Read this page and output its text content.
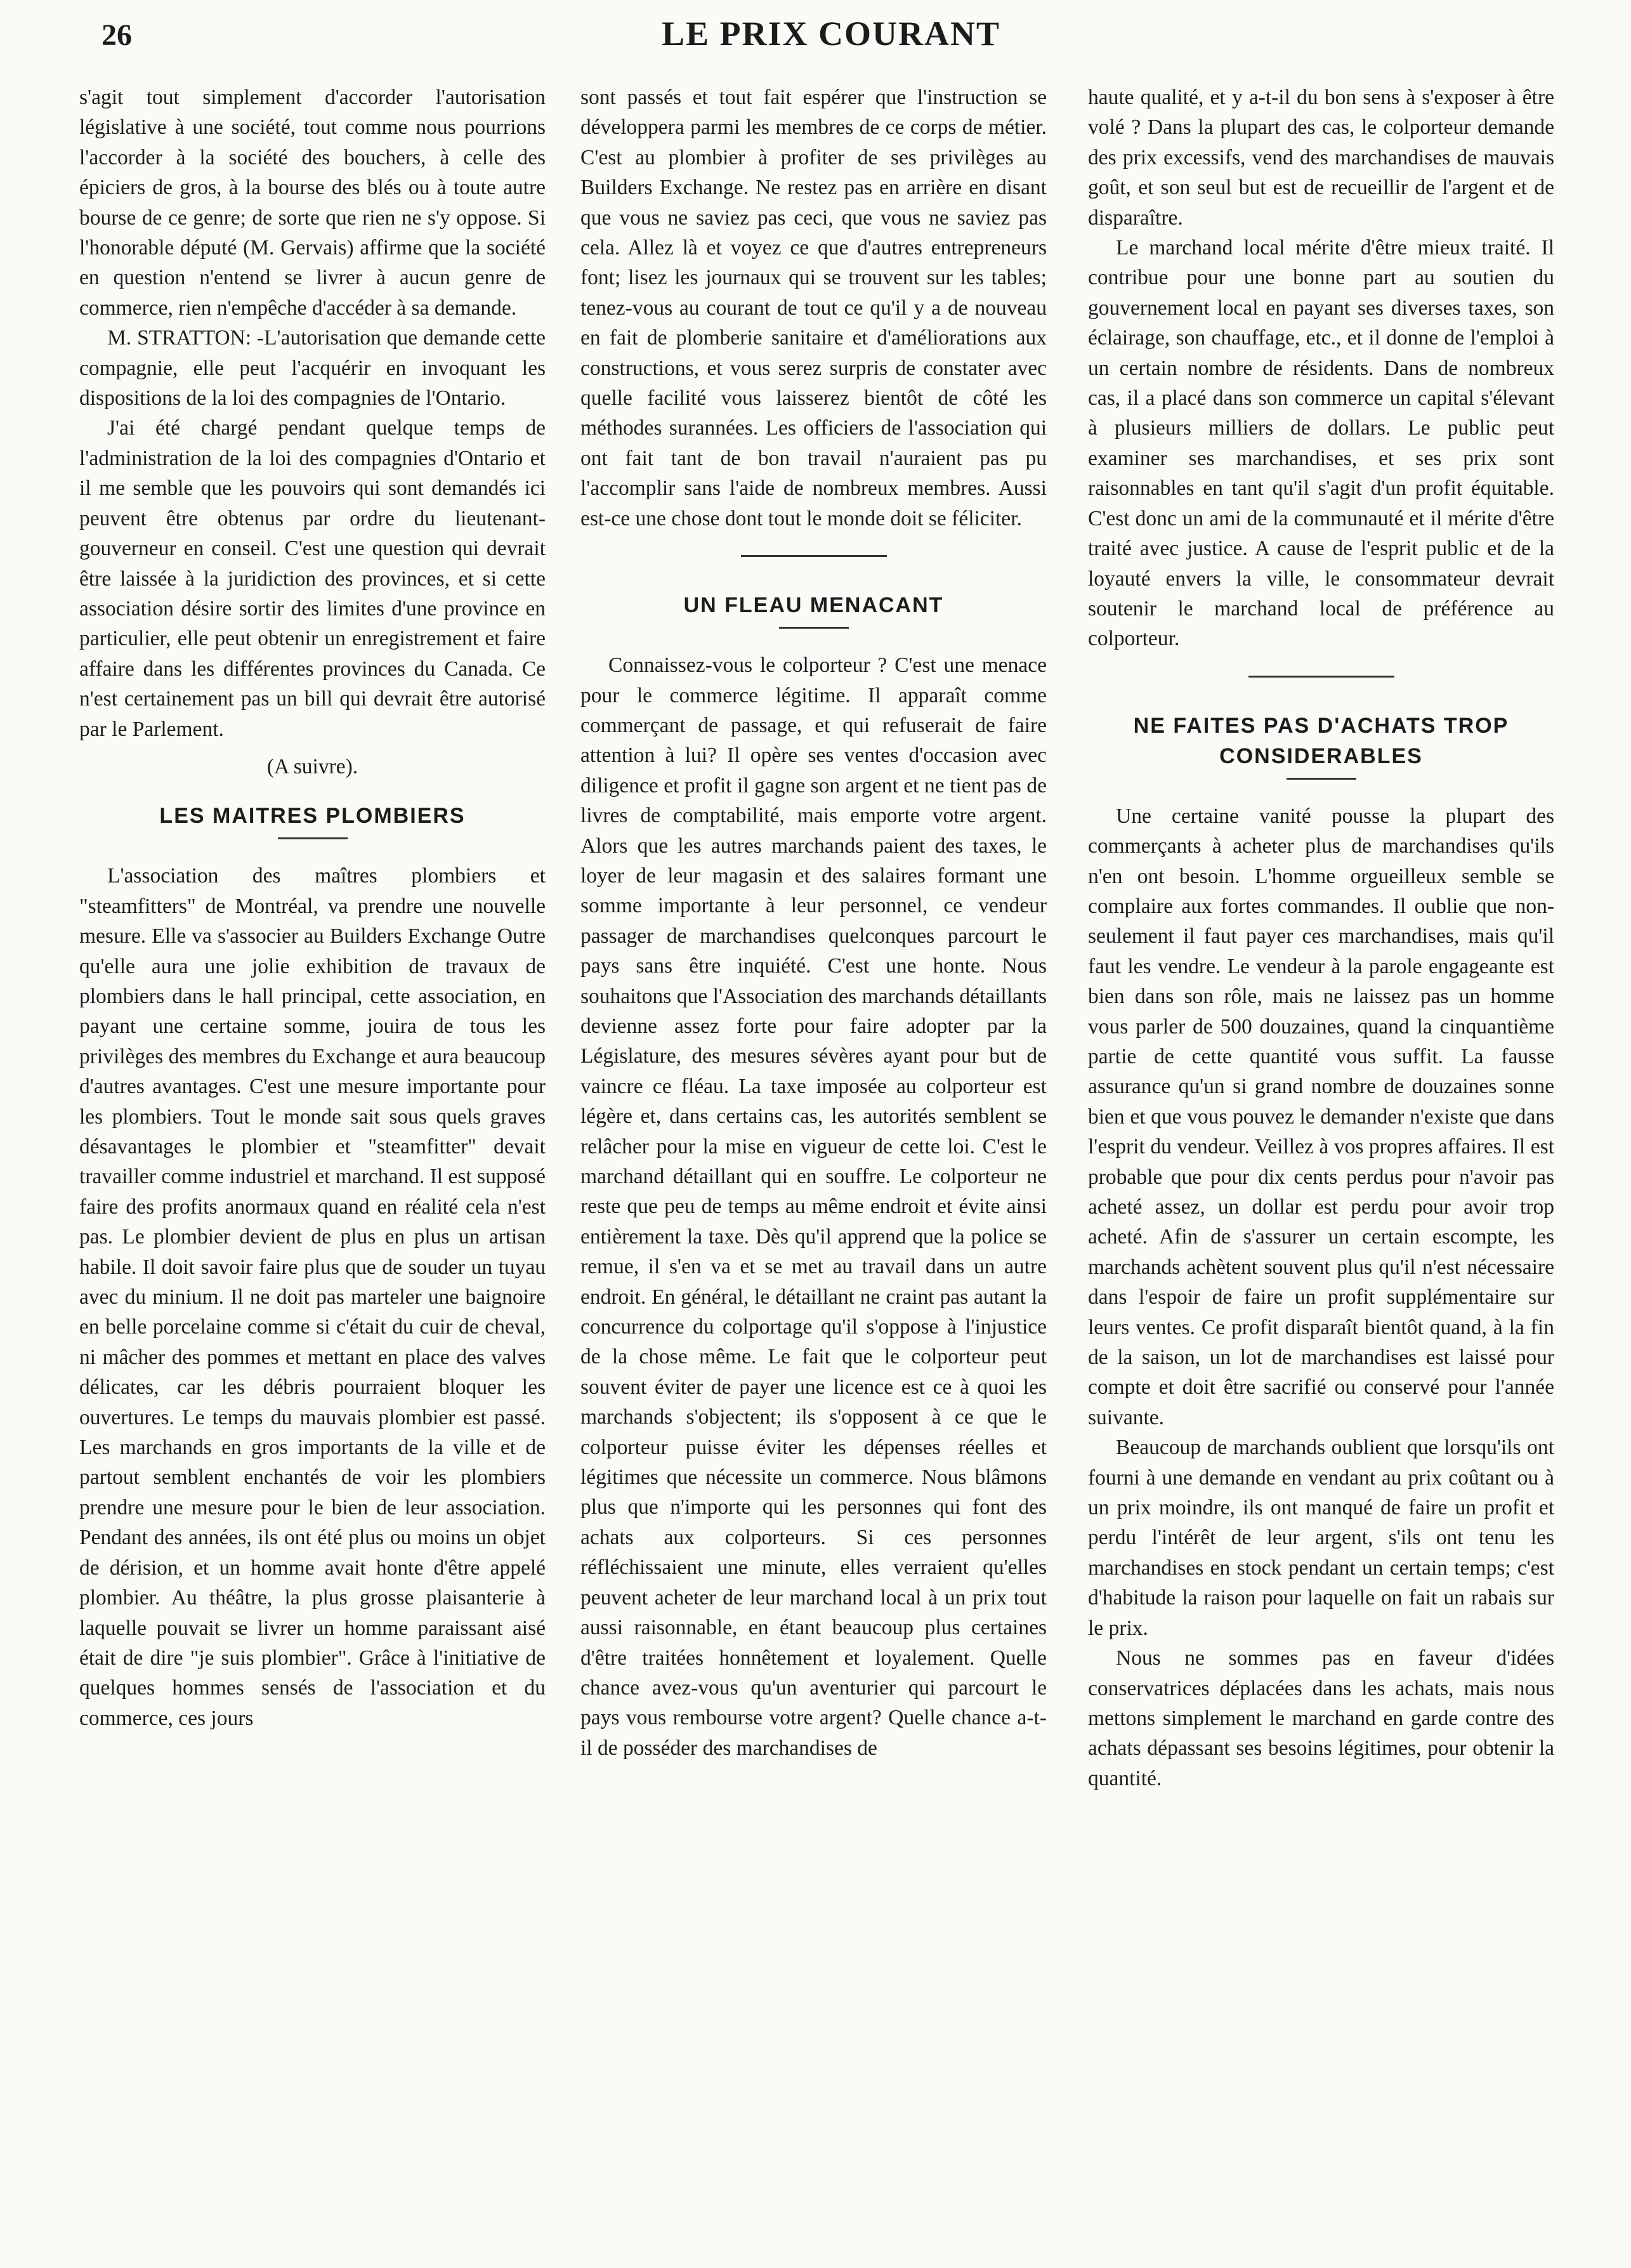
26	LE PRIX COURANT

s'agit tout simplement d'accorder l'autorisation législative à une société, tout comme nous pourrions l'accorder à la société des bouchers, à celle des épiciers de gros, à la bourse des blés ou à toute autre bourse de ce genre; de sorte que rien ne s'y oppose. Si l'honorable député (M. Gervais) affirme que la société en question n'entend se livrer à aucun genre de commerce, rien n'empêche d'accéder à sa demande.

M. STRATTON: -L'autorisation que demande cette compagnie, elle peut l'acquérir en invoquant les dispositions de la loi des compagnies de l'Ontario.

J'ai été chargé pendant quelque temps de l'administration de la loi des compagnies d'Ontario et il me semble que les pouvoirs qui sont demandés ici peuvent être obtenus par ordre du lieutenant-gouverneur en conseil. C'est une question qui devrait être laissée à la juridiction des provinces, et si cette association désire sortir des limites d'une province en particulier, elle peut obtenir un enregistrement et faire affaire dans les différentes provinces du Canada. Ce n'est certainement pas un bill qui devrait être autorisé par le Parlement.

(A suivre).

LES MAITRES PLOMBIERS

L'association des maîtres plombiers et "steamfitters" de Montréal, va prendre une nouvelle mesure. Elle va s'associer au Builders Exchange Outre qu'elle aura une jolie exhibition de travaux de plombiers dans le hall principal, cette association, en payant une certaine somme, jouira de tous les privilèges des membres du Exchange et aura beaucoup d'autres avantages. C'est une mesure importante pour les plombiers. Tout le monde sait sous quels graves désavantages le plombier et "steamfitter" devait travailler comme industriel et marchand. Il est supposé faire des profits anormaux quand en réalité cela n'est pas. Le plombier devient de plus en plus un artisan habile. Il doit savoir faire plus que de souder un tuyau avec du minium. Il ne doit pas marteler une baignoire en belle porcelaine comme si c'était du cuir de cheval, ni mâcher des pommes et mettant en place des valves délicates, car les débris pourraient bloquer les ouvertures. Le temps du mauvais plombier est passé. Les marchands en gros importants de la ville et de partout semblent enchantés de voir les plombiers prendre une mesure pour le bien de leur association. Pendant des années, ils ont été plus ou moins un objet de dérision, et un homme avait honte d'être appelé plombier. Au théâtre, la plus grosse plaisanterie à laquelle pouvait se livrer un homme paraissant aisé était de dire "je suis plombier". Grâce à l'initiative de quelques hommes sensés de l'association et du commerce, ces jours

sont passés et tout fait espérer que l'instruction se développera parmi les membres de ce corps de métier. C'est au plombier à profiter de ses privilèges au Builders Exchange. Ne restez pas en arrière en disant que vous ne saviez pas ceci, que vous ne saviez pas cela. Allez là et voyez ce que d'autres entrepreneurs font; lisez les journaux qui se trouvent sur les tables; tenez-vous au courant de tout ce qu'il y a de nouveau en fait de plomberie sanitaire et d'améliorations aux constructions, et vous serez surpris de constater avec quelle facilité vous laisserez bientôt de côté les méthodes surannées. Les officiers de l'association qui ont fait tant de bon travail n'auraient pas pu l'accomplir sans l'aide de nombreux membres. Aussi est-ce une chose dont tout le monde doit se féliciter.

UN FLEAU MENACANT

Connaissez-vous le colporteur ? C'est une menace pour le commerce légitime. Il apparaît comme commerçant de passage, et qui refuserait de faire attention à lui? Il opère ses ventes d'occasion avec diligence et profit il gagne son argent et ne tient pas de livres de comptabilité, mais emporte votre argent. Alors que les autres marchands paient des taxes, le loyer de leur magasin et des salaires formant une somme importante à leur personnel, ce vendeur passager de marchandises quelconques parcourt le pays sans être inquiété. C'est une honte. Nous souhaitons que l'Association des marchands détaillants devienne assez forte pour faire adopter par la Législature, des mesures sévères ayant pour but de vaincre ce fléau. La taxe imposée au colporteur est légère et, dans certains cas, les autorités semblent se relâcher pour la mise en vigueur de cette loi. C'est le marchand détaillant qui en souffre. Le colporteur ne reste que peu de temps au même endroit et évite ainsi entièrement la taxe. Dès qu'il apprend que la police se remue, il s'en va et se met au travail dans un autre endroit. En général, le détaillant ne craint pas autant la concurrence du colportage qu'il s'oppose à l'injustice de la chose même. Le fait que le colporteur peut souvent éviter de payer une licence est ce à quoi les marchands s'objectent; ils s'opposent à ce que le colporteur puisse éviter les dépenses réelles et légitimes que nécessite un commerce. Nous blâmons plus que n'importe qui les personnes qui font des achats aux colporteurs. Si ces personnes réfléchissaient une minute, elles verraient qu'elles peuvent acheter de leur marchand local à un prix tout aussi raisonnable, en étant beaucoup plus certaines d'être traitées honnêtement et loyalement. Quelle chance avez-vous qu'un aventurier qui parcourt le pays vous rembourse votre argent? Quelle chance a-t-il de posséder des marchandises de

haute qualité, et y a-t-il du bon sens à s'exposer à être volé ? Dans la plupart des cas, le colporteur demande des prix excessifs, vend des marchandises de mauvais goût, et son seul but est de recueillir de l'argent et de disparaître.

Le marchand local mérite d'être mieux traité. Il contribue pour une bonne part au soutien du gouvernement local en payant ses diverses taxes, son éclairage, son chauffage, etc., et il donne de l'emploi à un certain nombre de résidents. Dans de nombreux cas, il a placé dans son commerce un capital s'élevant à plusieurs milliers de dollars. Le public peut examiner ses marchandises, et ses prix sont raisonnables en tant qu'il s'agit d'un profit équitable. C'est donc un ami de la communauté et il mérite d'être traité avec justice. A cause de l'esprit public et de la loyauté envers la ville, le consommateur devrait soutenir le marchand local de préférence au colporteur.

NE FAITES PAS D'ACHATS TROP
CONSIDERABLES

Une certaine vanité pousse la plupart des commerçants à acheter plus de marchandises qu'ils n'en ont besoin. L'homme orgueilleux semble se complaire aux fortes commandes. Il oublie que non-seulement il faut payer ces marchandises, mais qu'il faut les vendre. Le vendeur à la parole engageante est bien dans son rôle, mais ne laissez pas un homme vous parler de 500 douzaines, quand la cinquantième partie de cette quantité vous suffit. La fausse assurance qu'un si grand nombre de douzaines sonne bien et que vous pouvez le demander n'existe que dans l'esprit du vendeur. Veillez à vos propres affaires. Il est probable que pour dix cents perdus pour n'avoir pas acheté assez, un dollar est perdu pour avoir trop acheté. Afin de s'assurer un certain escompte, les marchands achètent souvent plus qu'il n'est nécessaire dans l'espoir de faire un profit supplémentaire sur leurs ventes. Ce profit disparaît bientôt quand, à la fin de la saison, un lot de marchandises est laissé pour compte et doit être sacrifié ou conservé pour l'année suivante.

Beaucoup de marchands oublient que lorsqu'ils ont fourni à une demande en vendant au prix coûtant ou à un prix moindre, ils ont manqué de faire un profit et perdu l'intérêt de leur argent, s'ils ont tenu les marchandises en stock pendant un certain temps; c'est d'habitude la raison pour laquelle on fait un rabais sur le prix.

Nous ne sommes pas en faveur d'idées conservatrices déplacées dans les achats, mais nous mettons simplement le marchand en garde contre des achats dépassant ses besoins légitimes, pour obtenir la quantité.
